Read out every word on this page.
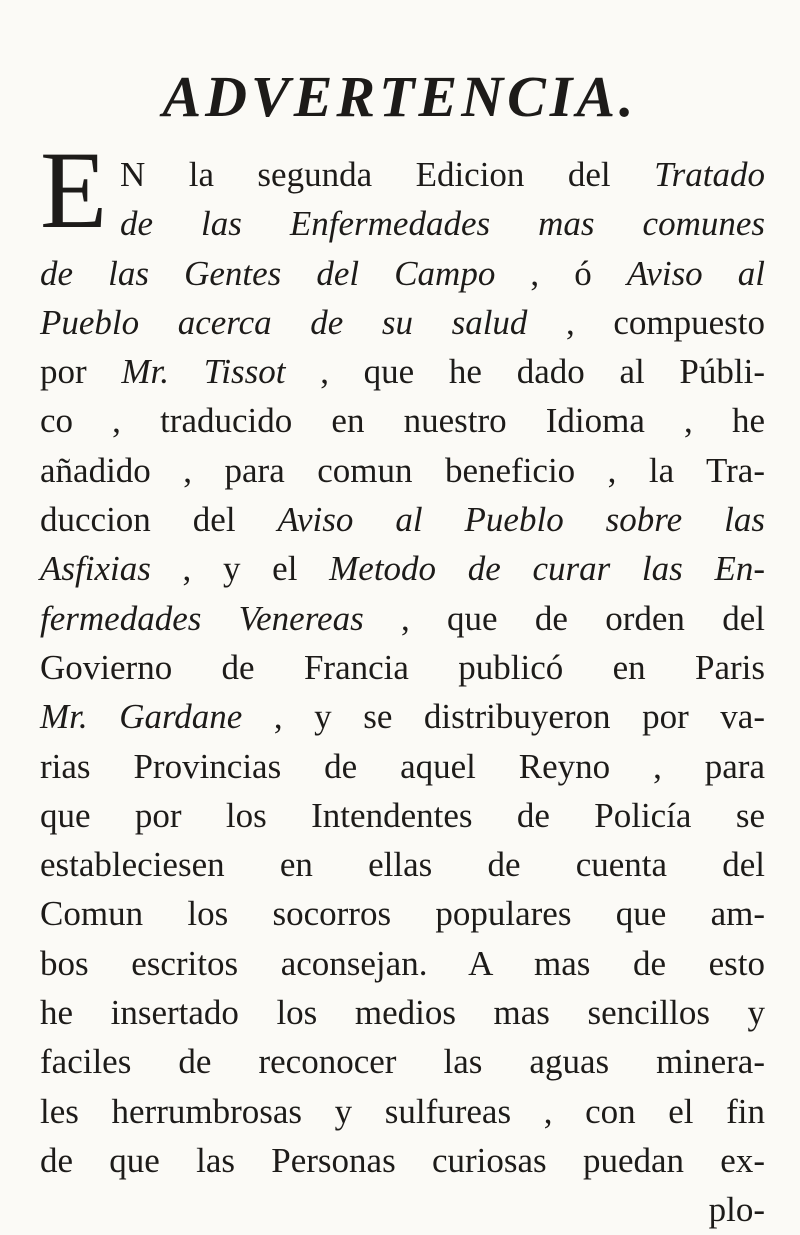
ADVERTENCIA.
E N la segunda Edicion del Tratado
de las Enfermedades mas comunes
de las Gentes del Campo , ó Aviso al
Pueblo acerca de su salud , compuesto
por Mr. Tissot , que he dado al Públi-
co , traducido en nuestro Idioma , he
añadido , para comun beneficio , la Tra-
duccion del Aviso al Pueblo sobre las
Asfixias , y el Metodo de curar las En-
fermedades Venereas , que de orden del
Govierno de Francia publicó en Paris
Mr. Gardane , y se distribuyeron por va-
rias Provincias de aquel Reyno , para
que por los Intendentes de Policía se
estableciesen en ellas de cuenta del
Comun los socorros populares que am-
bos escritos aconsejan. A mas de esto
he insertado los medios mas sencillos y
faciles de reconocer las aguas minera-
les herrumbrosas y sulfureas , con el fin
de que las Personas curiosas puedan ex-
plo-
